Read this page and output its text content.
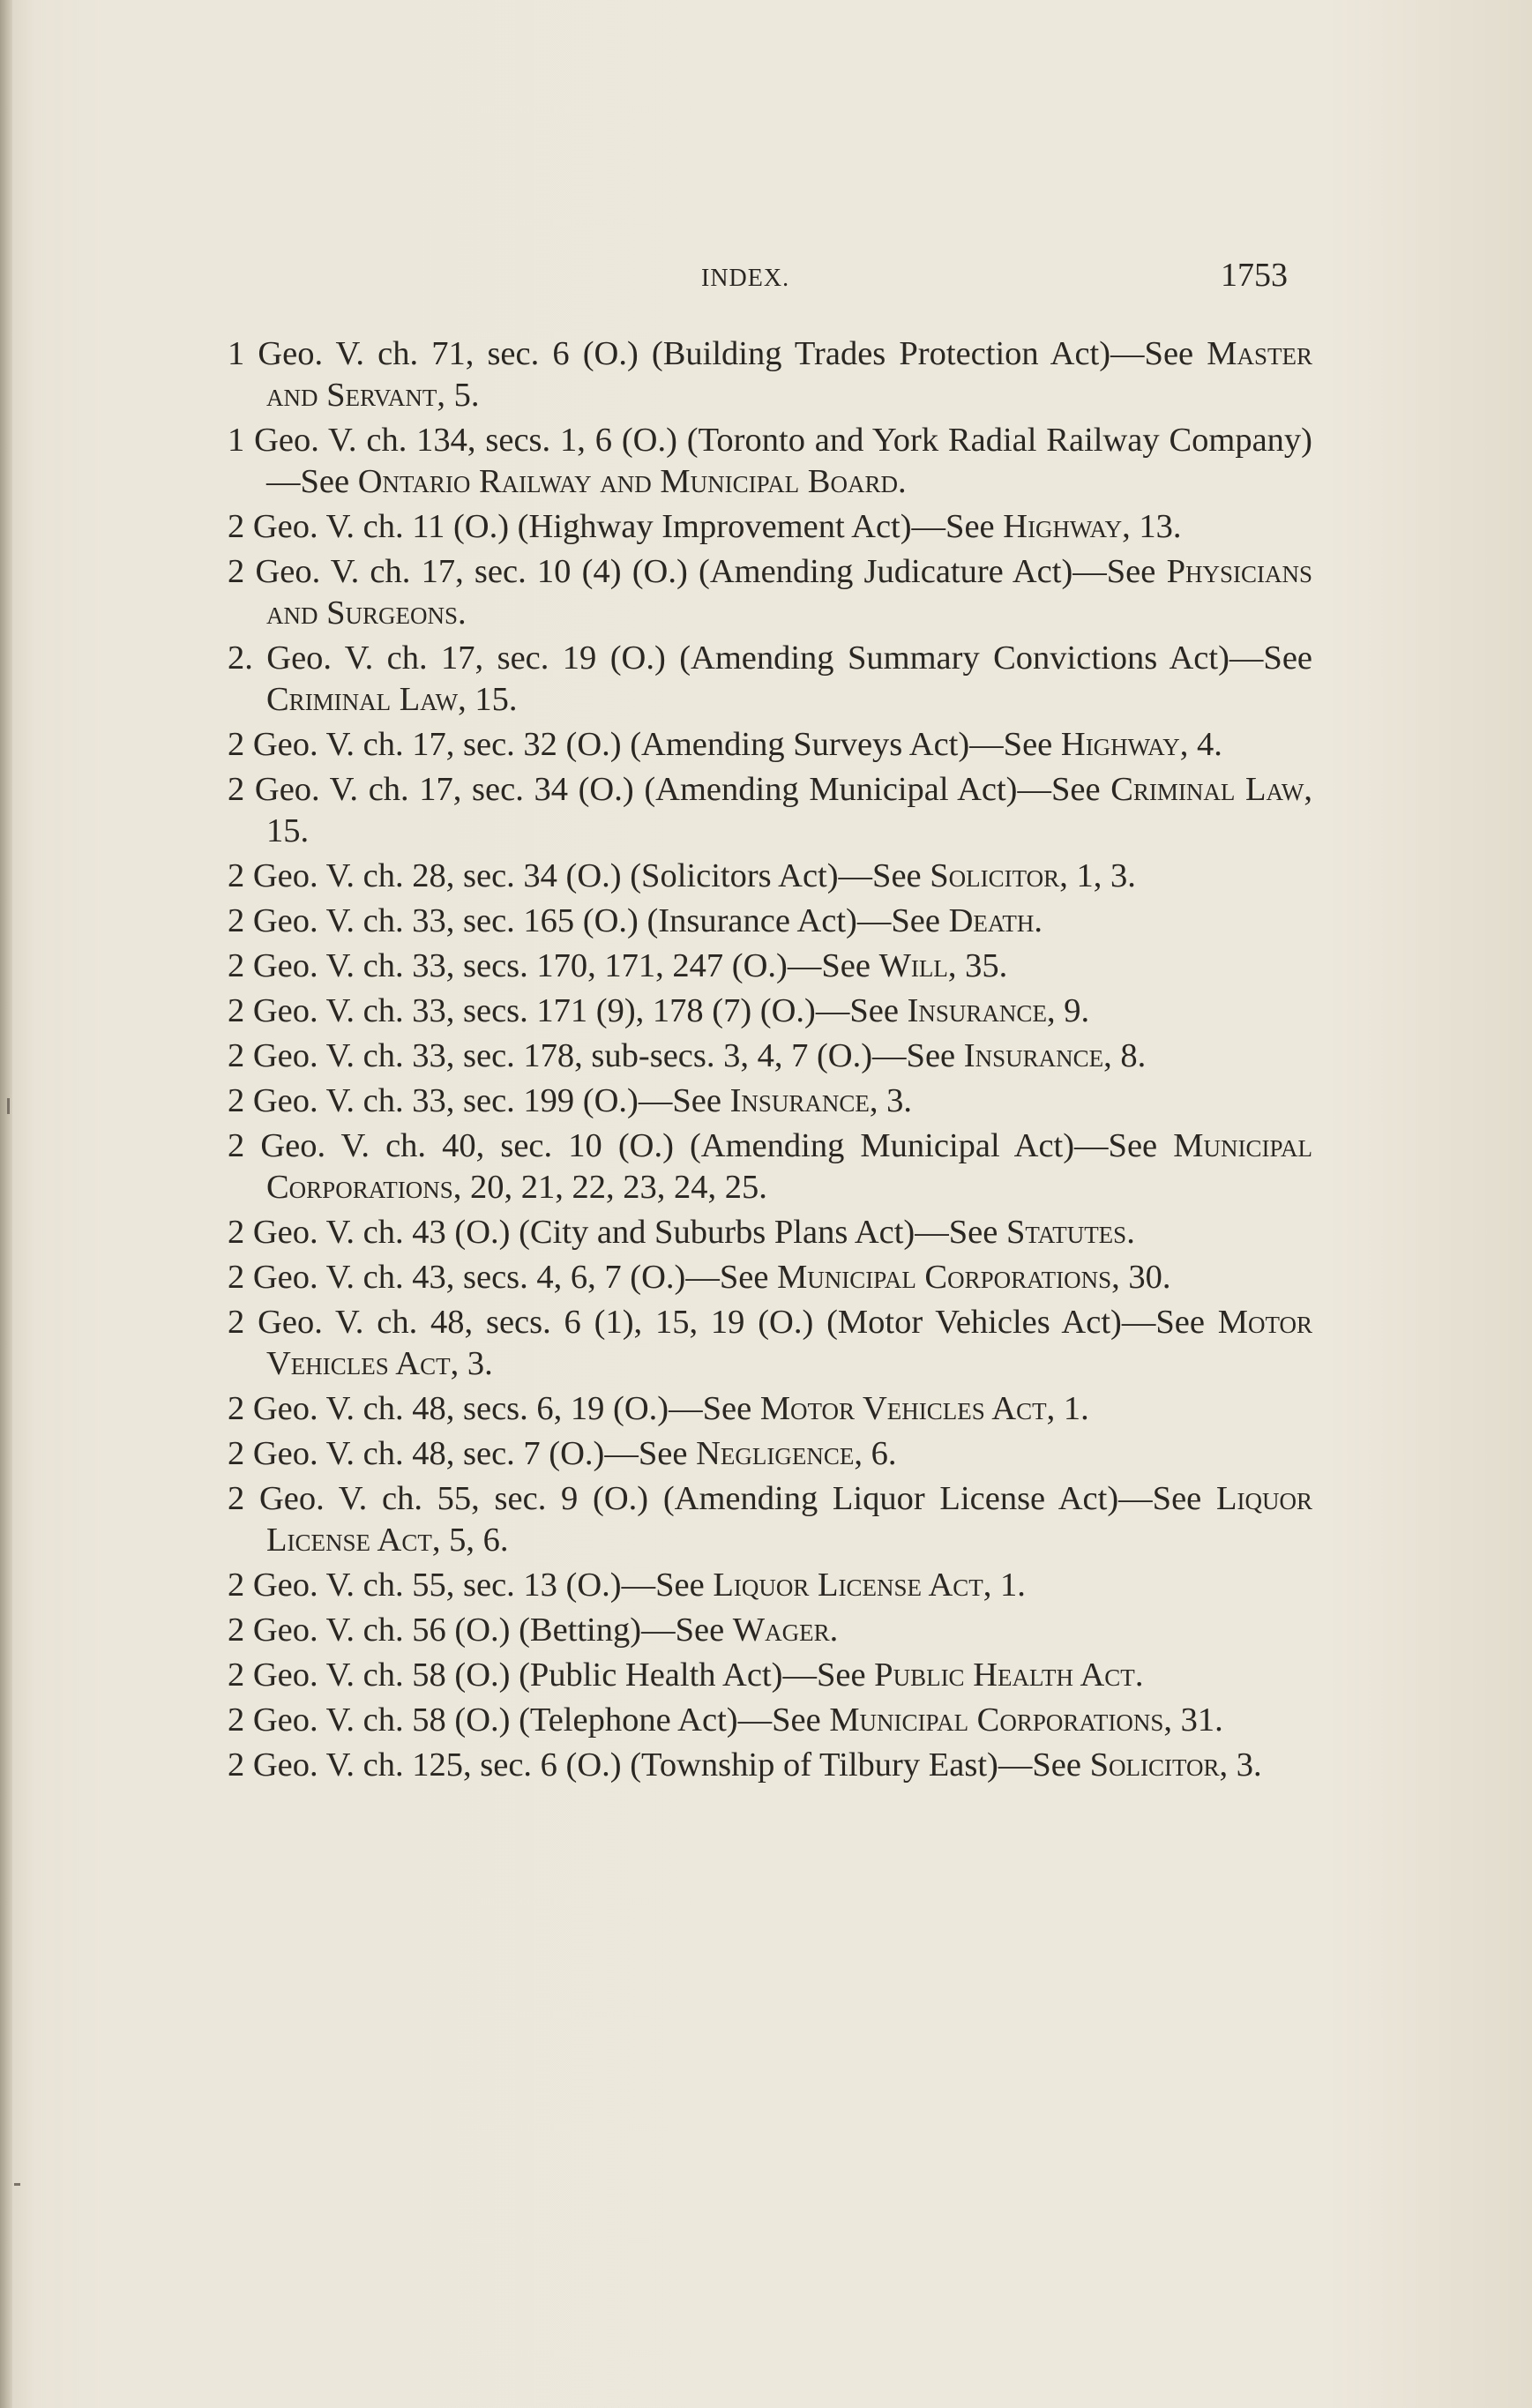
INDEX.	1753
1 Geo. V. ch. 71, sec. 6 (O.) (Building Trades Protection Act)—See Master and Servant, 5.
1 Geo. V. ch. 134, secs. 1, 6 (O.) (Toronto and York Radial Railway Company)—See Ontario Railway and Municipal Board.
2 Geo. V. ch. 11 (O.) (Highway Improvement Act)—See Highway, 13.
2 Geo. V. ch. 17, sec. 10 (4) (O.) (Amending Judicature Act)—See Physicians and Surgeons.
2. Geo. V. ch. 17, sec. 19 (O.) (Amending Summary Convictions Act)—See Criminal Law, 15.
2 Geo. V. ch. 17, sec. 32 (O.) (Amending Surveys Act)—See Highway, 4.
2 Geo. V. ch. 17, sec. 34 (O.) (Amending Municipal Act)—See Criminal Law, 15.
2 Geo. V. ch. 28, sec. 34 (O.) (Solicitors Act)—See Solicitor, 1, 3.
2 Geo. V. ch. 33, sec. 165 (O.) (Insurance Act)—See Death.
2 Geo. V. ch. 33, secs. 170, 171, 247 (O.)—See Will, 35.
2 Geo. V. ch. 33, secs. 171 (9), 178 (7) (O.)—See Insurance, 9.
2 Geo. V. ch. 33, sec. 178, sub-secs. 3, 4, 7 (O.)—See Insurance, 8.
2 Geo. V. ch. 33, sec. 199 (O.)—See Insurance, 3.
2 Geo. V. ch. 40, sec. 10 (O.) (Amending Municipal Act)—See Municipal Corporations, 20, 21, 22, 23, 24, 25.
2 Geo. V. ch. 43 (O.) (City and Suburbs Plans Act)—See Statutes.
2 Geo. V. ch. 43, secs. 4, 6, 7 (O.)—See Municipal Corporations, 30.
2 Geo. V. ch. 48, secs. 6 (1), 15, 19 (O.) (Motor Vehicles Act)—See Motor Vehicles Act, 3.
2 Geo. V. ch. 48, secs. 6, 19 (O.)—See Motor Vehicles Act, 1.
2 Geo. V. ch. 48, sec. 7 (O.)—See Negligence, 6.
2 Geo. V. ch. 55, sec. 9 (O.) (Amending Liquor License Act)—See Liquor License Act, 5, 6.
2 Geo. V. ch. 55, sec. 13 (O.)—See Liquor License Act, 1.
2 Geo. V. ch. 56 (O.) (Betting)—See Wager.
2 Geo. V. ch. 58 (O.) (Public Health Act)—See Public Health Act.
2 Geo. V. ch. 58 (O.) (Telephone Act)—See Municipal Corporations, 31.
2 Geo. V. ch. 125, sec. 6 (O.) (Township of Tilbury East)—See Solicitor, 3.
